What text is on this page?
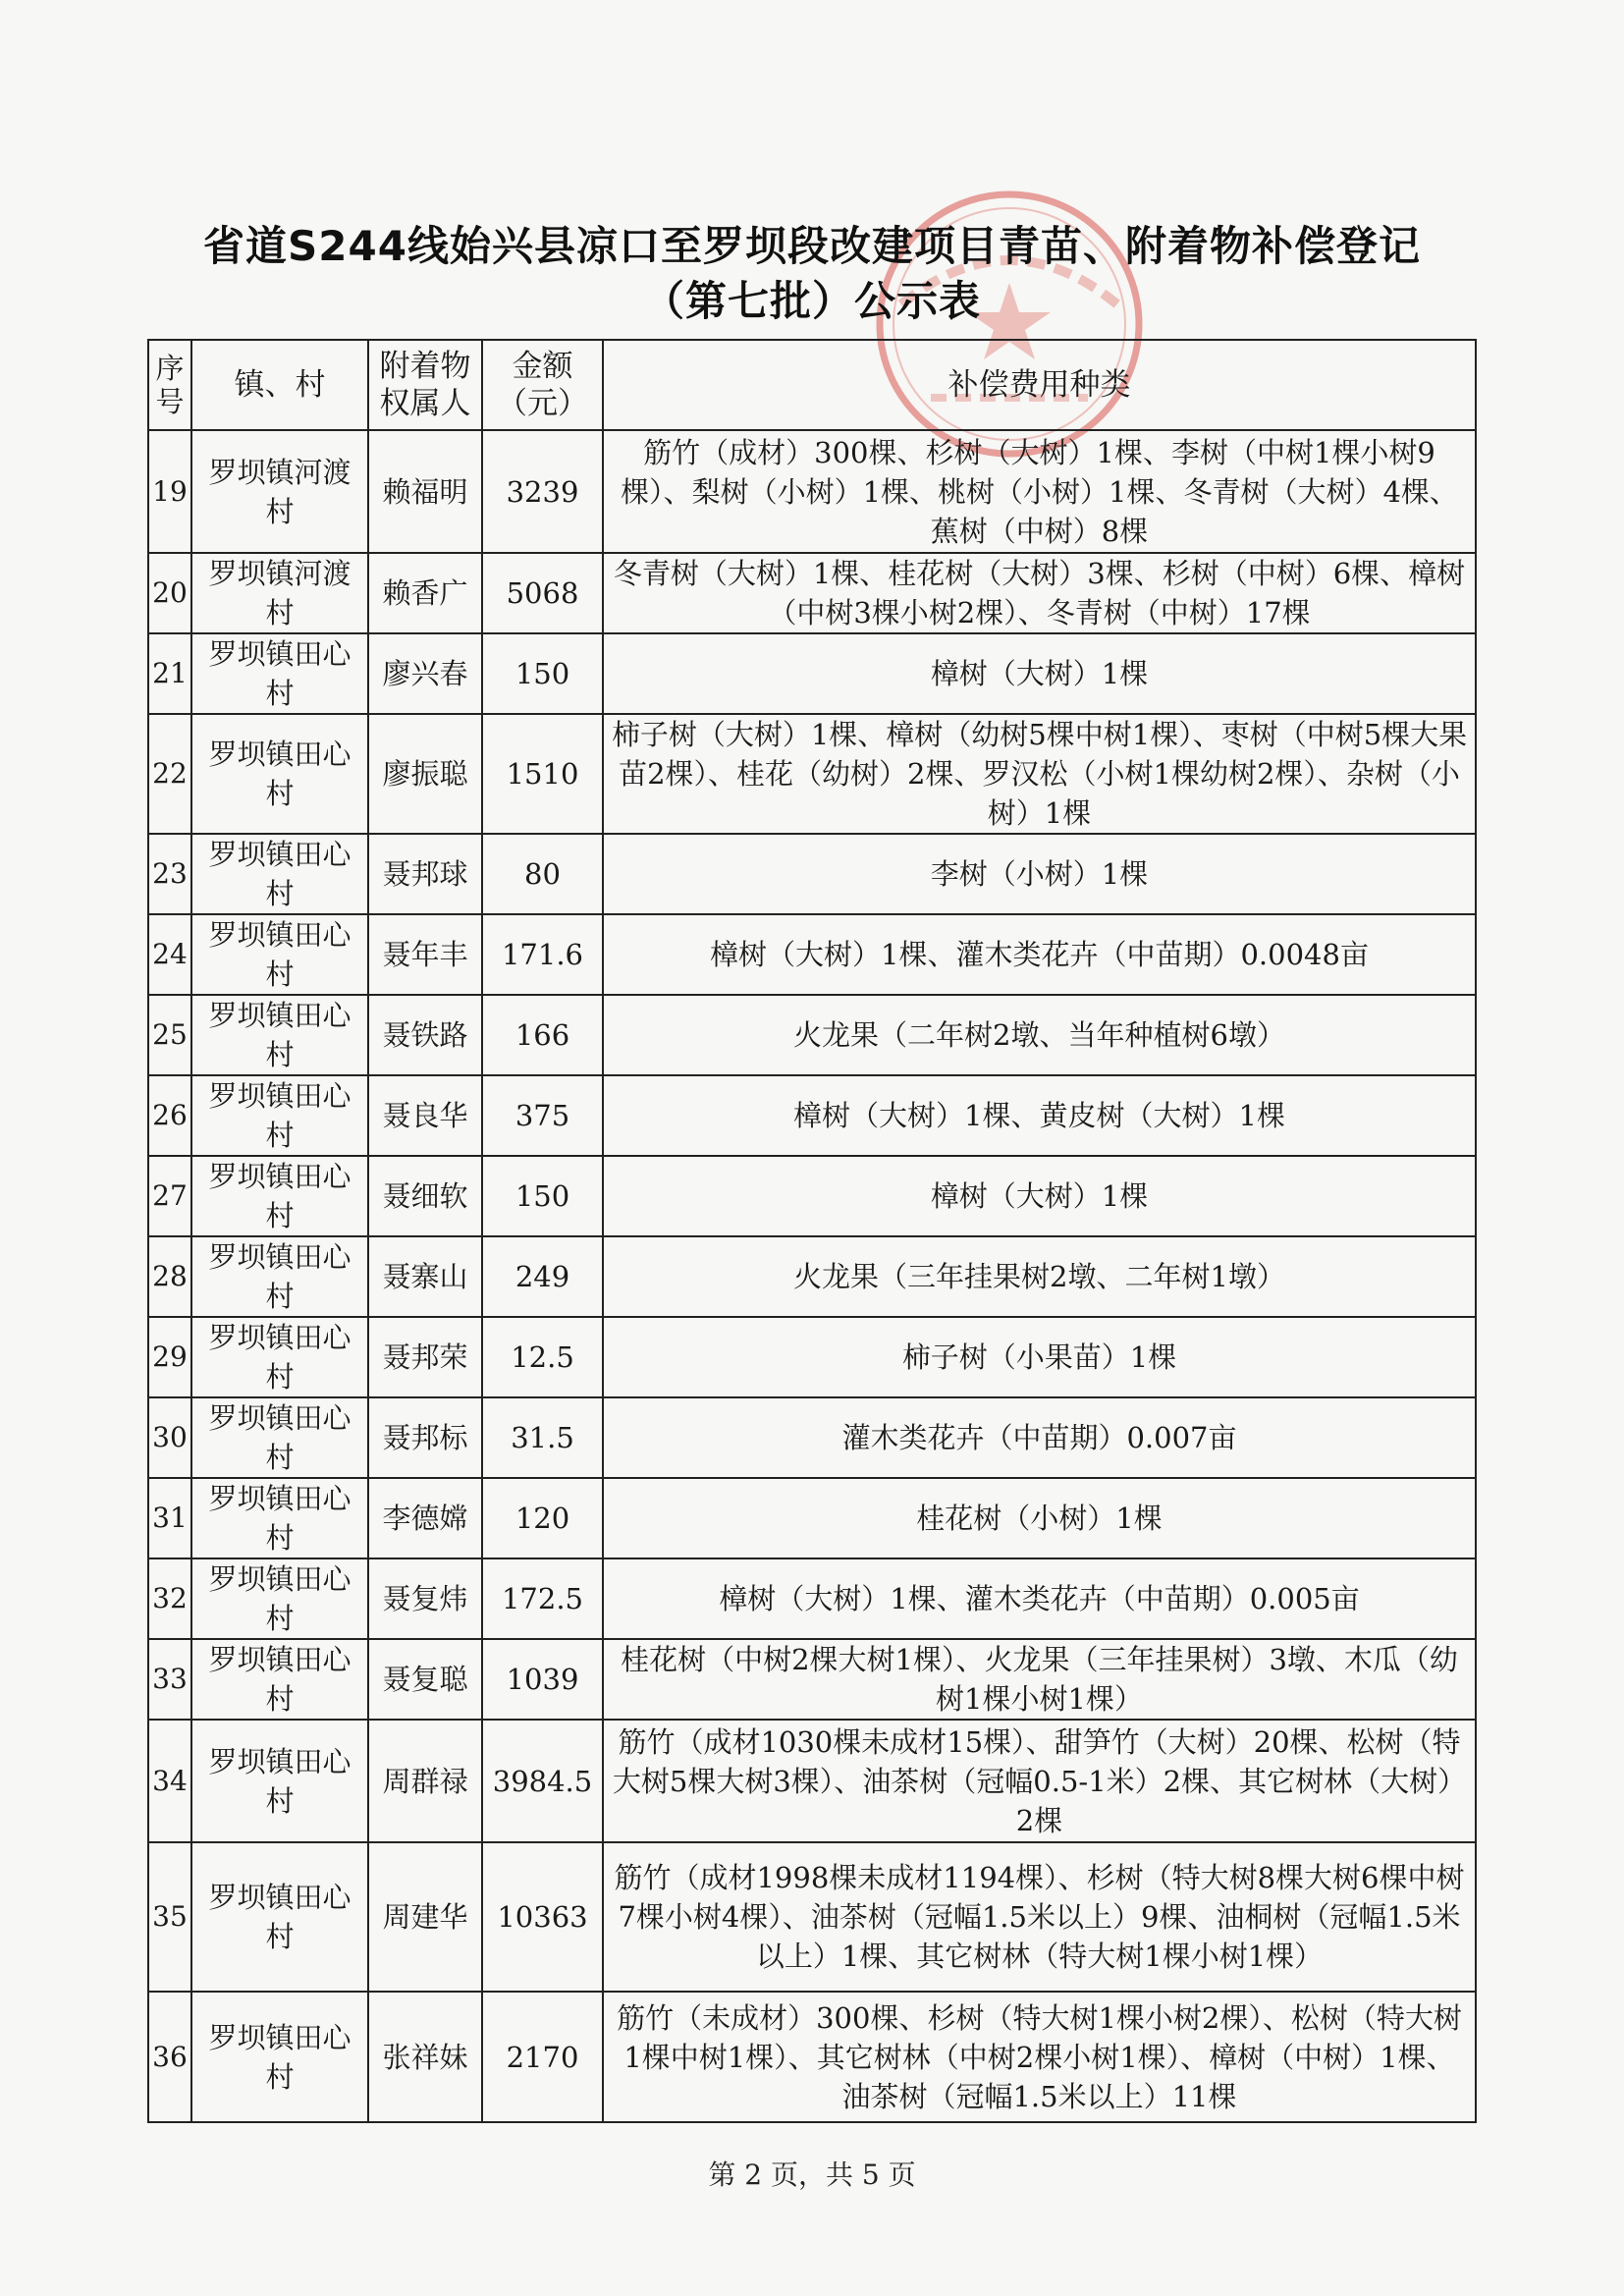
省道S244线始兴县凉口至罗坝段改建项目青苗、附着物补偿登记
（第七批）公示表
序号	镇、村	附着物权属人	金额（元）	补偿费用种类
19	罗坝镇河渡村	赖福明	3239	筋竹（成材）300棵、杉树（大树）1棵、李树（中树1棵小树9棵）、梨树（小树）1棵、桃树（小树）1棵、冬青树（大树）4棵、蕉树（中树）8棵
20	罗坝镇河渡村	赖香广	5068	冬青树（大树）1棵、桂花树（大树）3棵、杉树（中树）6棵、樟树（中树3棵小树2棵）、冬青树（中树）17棵
21	罗坝镇田心村	廖兴春	150	樟树（大树）1棵
22	罗坝镇田心村	廖振聪	1510	柿子树（大树）1棵、樟树（幼树5棵中树1棵）、枣树（中树5棵大果苗2棵）、桂花（幼树）2棵、罗汉松（小树1棵幼树2棵）、杂树（小树）1棵
23	罗坝镇田心村	聂邦球	80	李树（小树）1棵
24	罗坝镇田心村	聂年丰	171.6	樟树（大树）1棵、灌木类花卉（中苗期）0.0048亩
25	罗坝镇田心村	聂铁路	166	火龙果（二年树2墩、当年种植树6墩）
26	罗坝镇田心村	聂良华	375	樟树（大树）1棵、黄皮树（大树）1棵
27	罗坝镇田心村	聂细软	150	樟树（大树）1棵
28	罗坝镇田心村	聂寨山	249	火龙果（三年挂果树2墩、二年树1墩）
29	罗坝镇田心村	聂邦荣	12.5	柿子树（小果苗）1棵
30	罗坝镇田心村	聂邦标	31.5	灌木类花卉（中苗期）0.007亩
31	罗坝镇田心村	李德嫦	120	桂花树（小树）1棵
32	罗坝镇田心村	聂复炜	172.5	樟树（大树）1棵、灌木类花卉（中苗期）0.005亩
33	罗坝镇田心村	聂复聪	1039	桂花树（中树2棵大树1棵）、火龙果（三年挂果树）3墩、木瓜（幼树1棵小树1棵）
34	罗坝镇田心村	周群禄	3984.5	筋竹（成材1030棵未成材15棵）、甜笋竹（大树）20棵、松树（特大树5棵大树3棵）、油茶树（冠幅0.5-1米）2棵、其它树林（大树）2棵
35	罗坝镇田心村	周建华	10363	筋竹（成材1998棵未成材1194棵）、杉树（特大树8棵大树6棵中树7棵小树4棵）、油茶树（冠幅1.5米以上）9棵、油桐树（冠幅1.5米以上）1棵、其它树林（特大树1棵小树1棵）
36	罗坝镇田心村	张祥妹	2170	筋竹（未成材）300棵、杉树（特大树1棵小树2棵）、松树（特大树1棵中树1棵）、其它树林（中树2棵小树1棵）、樟树（中树）1棵、油茶树（冠幅1.5米以上）11棵
第 2 页，共 5 页
